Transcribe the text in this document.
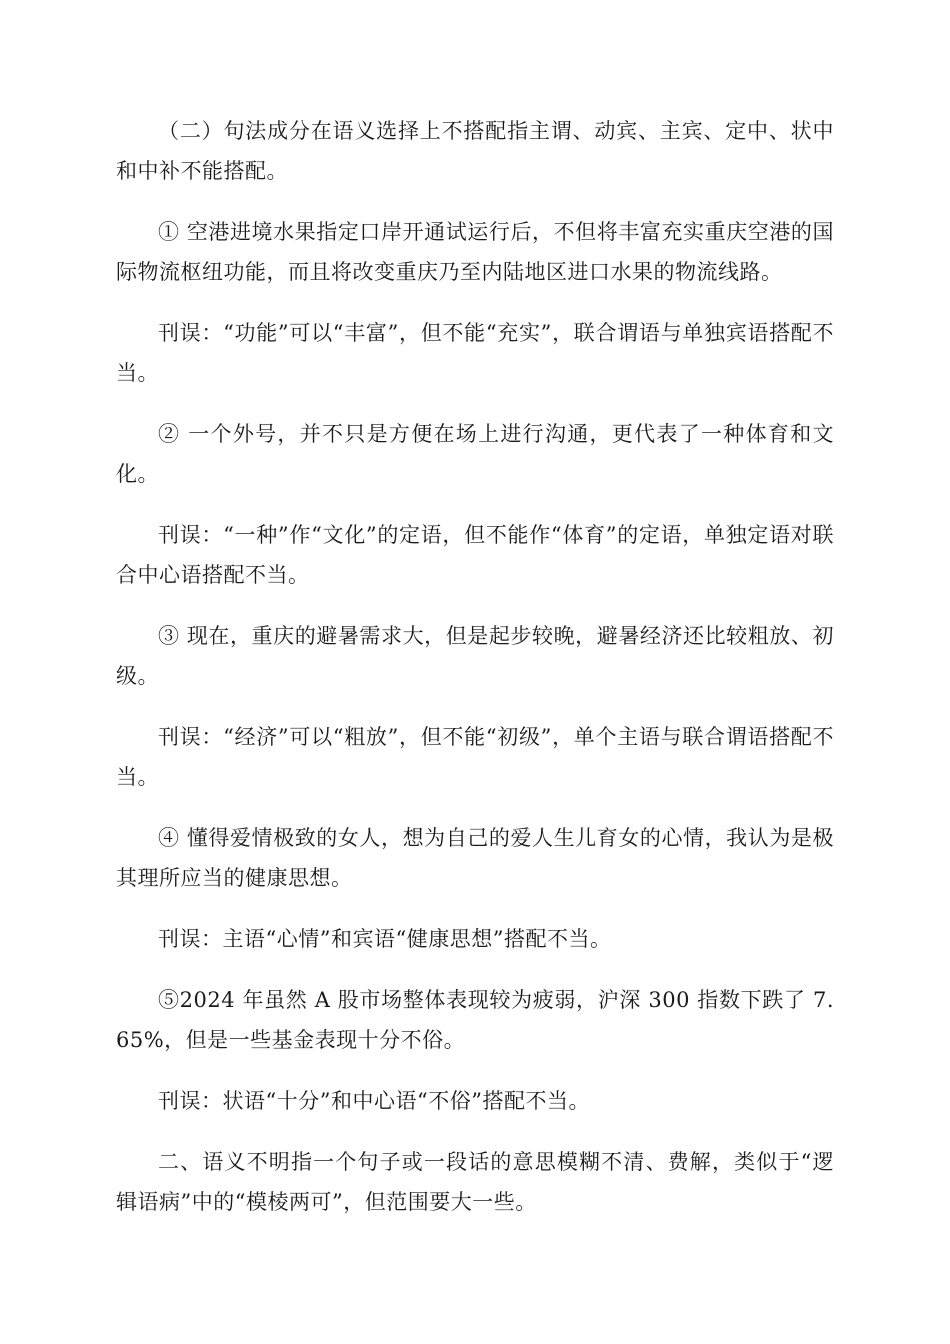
（二）句法成分在语义选择上不搭配指主谓、动宾、主宾、定中、状中和中补不能搭配。

① 空港进境水果指定口岸开通试运行后，不但将丰富充实重庆空港的国际物流枢纽功能，而且将改变重庆乃至内陆地区进口水果的物流线路。

刊误：“功能”可以“丰富”，但不能“充实”，联合谓语与单独宾语搭配不当。

② 一个外号，并不只是方便在场上进行沟通，更代表了一种体育和文化。

刊误：“一种”作“文化”的定语，但不能作“体育”的定语，单独定语对联合中心语搭配不当。

③ 现在，重庆的避暑需求大，但是起步较晚，避暑经济还比较粗放、初级。

刊误：“经济”可以“粗放”，但不能“初级”，单个主语与联合谓语搭配不当。

④ 懂得爱情极致的女人，想为自己的爱人生儿育女的心情，我认为是极其理所应当的健康思想。

刊误：主语“心情”和宾语“健康思想”搭配不当。

⑤2024 年虽然 A 股市场整体表现较为疲弱，沪深 300 指数下跌了 7.65%，但是一些基金表现十分不俗。

刊误：状语“十分”和中心语“不俗”搭配不当。

二、语义不明指一个句子或一段话的意思模糊不清、费解，类似于“逻辑语病”中的“模棱两可”，但范围要大一些。
